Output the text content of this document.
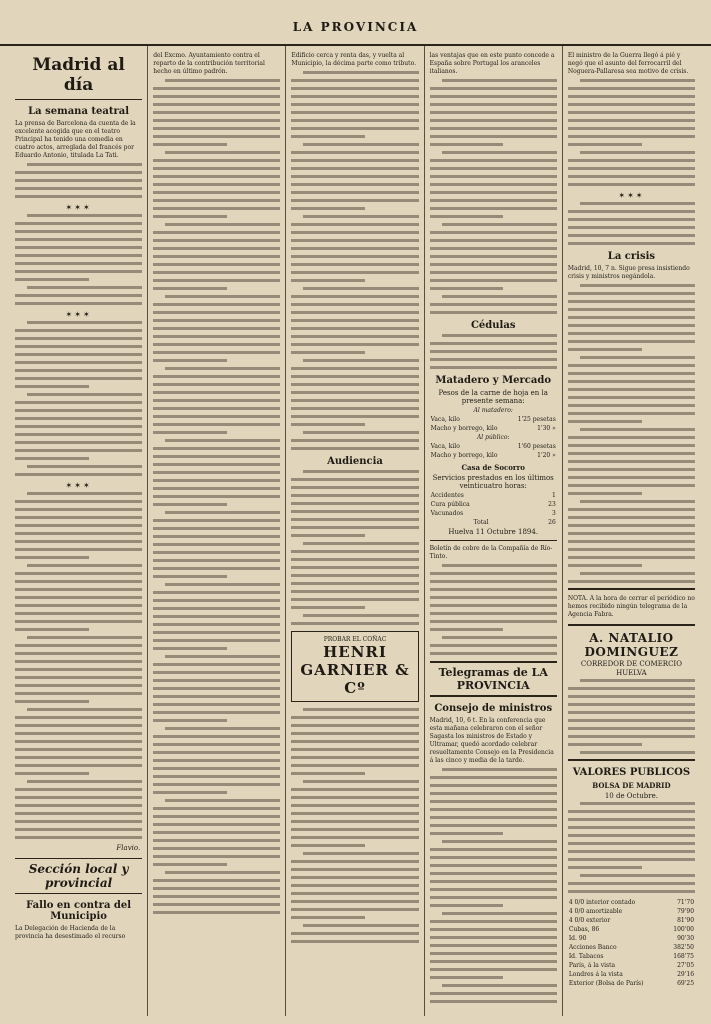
LA PROVINCIA
Madrid al día
La semana teatral

La prensa de Barcelona da cuenta de la excelente acogida que en el teatro Principal ha tenido una comedia en cuatro actos, arreglada del francés por Eduardo Antonio, titulada La Tati.

✶✶✶
✶✶✶
✶✶✶
Flavio.
Sección local y provincial
Fallo en contra del Municipio

La Delegación de Hacienda de la provincia ha desestimado el recurso

del Excmo. Ayuntamiento contra el reparto de la contribución territorial hecho en último padrón.

Edificio cerca y renta das, y vuelta al Municipio, la décima parte como tributo.

Audiencia
PROBAR EL COÑAC
HENRI GARNIER & Cº

las ventajas que en este punto concede a España sobre Portugal los aranceles italianos.

Cédulas
Matadero y Mercado
Pesos de la carne de hoja en la presente semana:
Al matadero:	
Vaca, kilo	1'25 pesetas
Macho y borrego, kilo	1'30 »
Al público:	
Vaca, kilo	1'60 pesetas
Macho y borrego, kilo	1'20 »
Casa de Socorro
Servicios prestados en los últimos veinticuatro horas:
Accidentes	1
Cura pública	23
Vacunados	3
Total	26
Huelva 11 Octubre 1894.

Boletín de cobre de la Compañía de Río-Tinto.

Telegramas de LA PROVINCIA
Consejo de ministros

Madrid, 10, 6 t. En la conferencia que esta mañana celebraron con el señor Sagasta los ministros de Estado y Ultramar, quedó acordado celebrar resueltamente Consejo en la Presidencia á las cinco y media de la tarde.

El ministro de la Guerra llegó á pié y negó que el asunto del ferrocarril del Noguera-Pallaresa sea motivo de crisis.

✶✶✶
La crisis

Madrid, 10, 7 n. Sigue presa insistiendo crisis y ministros negándola.

NOTA. A la hora de cerrar el periódico no hemos recibido ningún telegrama de la Agencia Fabra.

A. NATALIO DOMINGUEZ
CORREDOR DE COMERCIO
HUELVA
VALORES PUBLICOS
BOLSA DE MADRID
10 de Octubre.
4 0/0 interior contado	71'70
4 0/0 amortizable	79'90
4 0/0 exterior	81'90
Cubas, 86	100'00
Id. 90	90'30
Acciones Banco	382'50
Id. Tabacos	168'75
París, á la vista	27'05
Londres á la vista	29'16
Exterior (Bolsa de París)	69'25
